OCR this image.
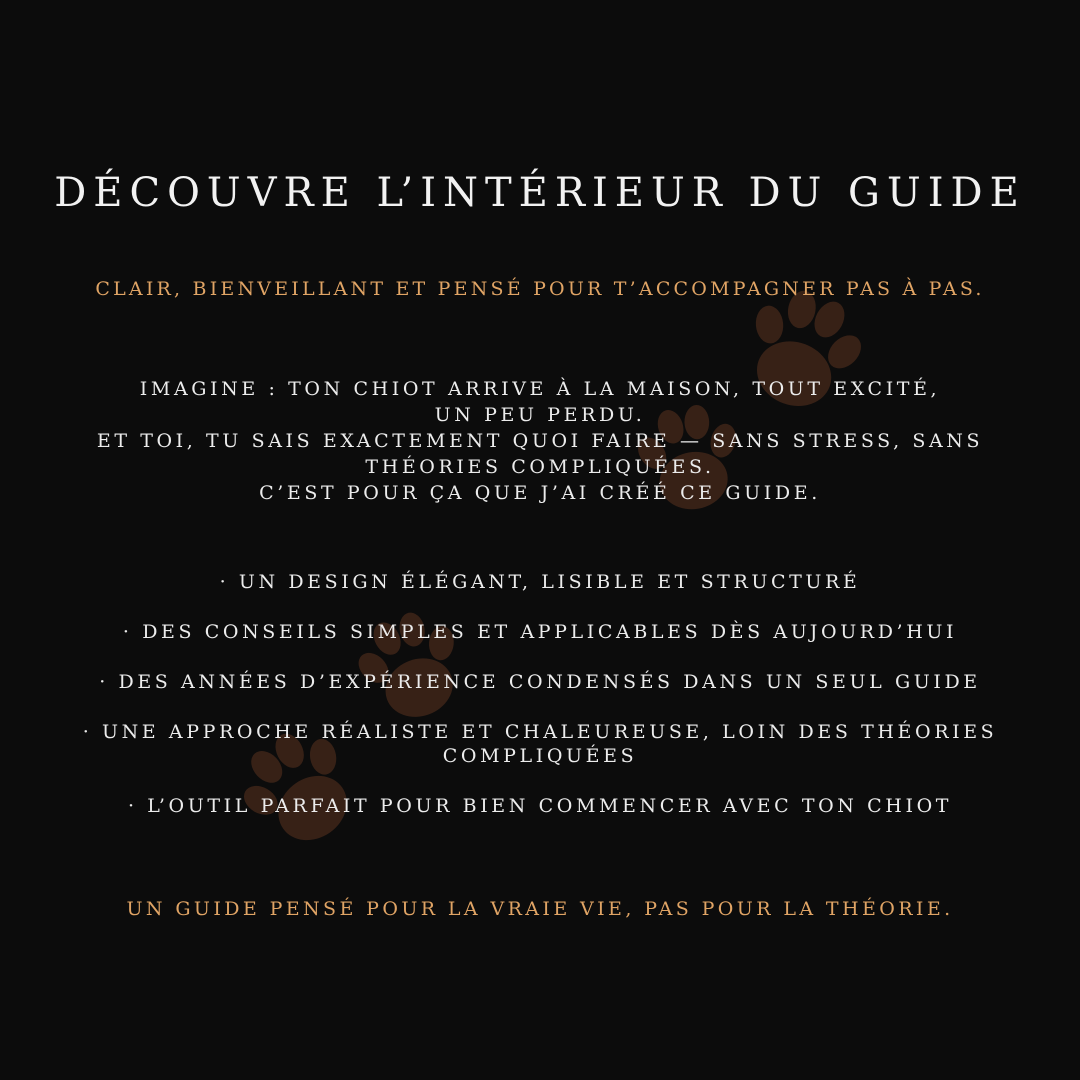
DÉCOUVRE L’INTÉRIEUR DU GUIDE
CLAIR, BIENVEILLANT ET PENSÉ POUR T’ACCOMPAGNER PAS À PAS.
IMAGINE : TON CHIOT ARRIVE À LA MAISON, TOUT EXCITÉ,
UN PEU PERDU.
ET TOI, TU SAIS EXACTEMENT QUOI FAIRE — SANS STRESS, SANS
THÉORIES COMPLIQUÉES.
C’EST POUR ÇA QUE J’AI CRÉÉ CE GUIDE.
· UN DESIGN ÉLÉGANT, LISIBLE ET STRUCTURÉ
· DES CONSEILS SIMPLES ET APPLICABLES DÈS AUJOURD’HUI
· DES ANNÉES D’EXPÉRIENCE CONDENSÉS DANS UN SEUL GUIDE
· UNE APPROCHE RÉALISTE ET CHALEUREUSE, LOIN DES THÉORIES COMPLIQUÉES
· L’OUTIL PARFAIT POUR BIEN COMMENCER AVEC TON CHIOT
UN GUIDE PENSÉ POUR LA VRAIE VIE, PAS POUR LA THÉORIE.
